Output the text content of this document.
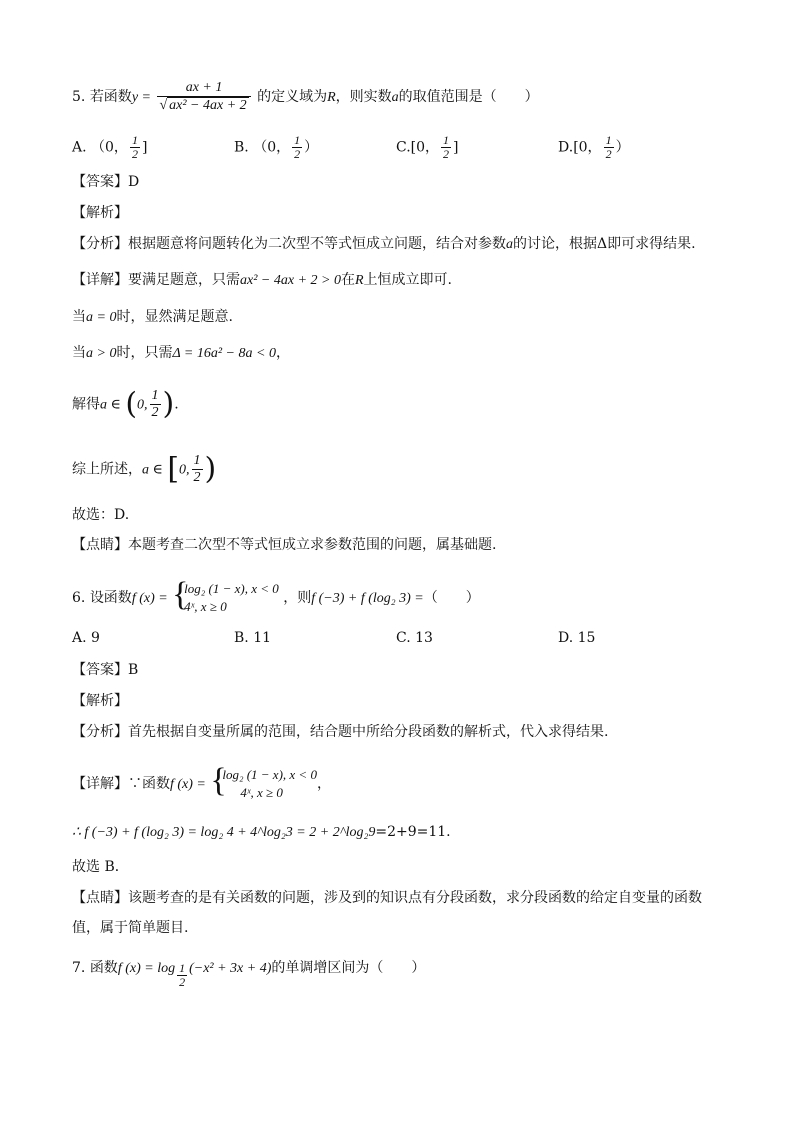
5. 若函数$y = \frac{ax + 1}{\text{√ ax² − 4ax + 2}}$ 的定义域为R，则实数a的取值范围是（　　）
A. （0， $\frac{1}{2}$ ]	B. （0， $\frac{1}{2}$ ）	C.[0， $\frac{1}{2}$ ]	D.[0， $\frac{1}{2}$ ）
【答案】D
【解析】
【分析】根据题意将问题转化为二次型不等式恒成立问题，结合对参数a的讨论，根据Δ即可求得结果.
【详解】要满足题意，只需ax² − 4ax + 2 > 0在R上恒成立即可.
当a = 0时，显然满足题意.
当a > 0时，只需Δ = 16a² − 8a < 0，
解得a ∈ (0, $\frac{1}{2}$ ).
综上所述，a ∈ [0, $\frac{1}{2}$ )
故选：D.
【点睛】本题考查二次型不等式恒成立求参数范围的问题，属基础题.
6. 设函数f (x) = {
log₂ (1 − x), x < 0
4ˣ, x ≥ 0
，则f (−3) + f (log₂ 3) =（　　）
A. 9	B. 11	C. 13	D. 15
【答案】B
【解析】
【分析】首先根据自变量所属的范围，结合题中所给分段函数的解析式，代入求得结果.
【详解】∵函数f (x) = {
log₂ (1 − x), x < 0
4ˣ, x ≥ 0
，
∴ f (−3) + f (log₂ 3) = log₂ 4 + 4^log₂3 = 2 + 2^log₂9=2+9=11.
故选 B．
【点睛】该题考查的是有关函数的问题，涉及到的知识点有分段函数，求分段函数的给定自变量的函数
值，属于简单题目.
7. 函数f $(x) = \log \frac{1}{2} (-x^2 + 3x + 4)$的单调增区间为（　　）
